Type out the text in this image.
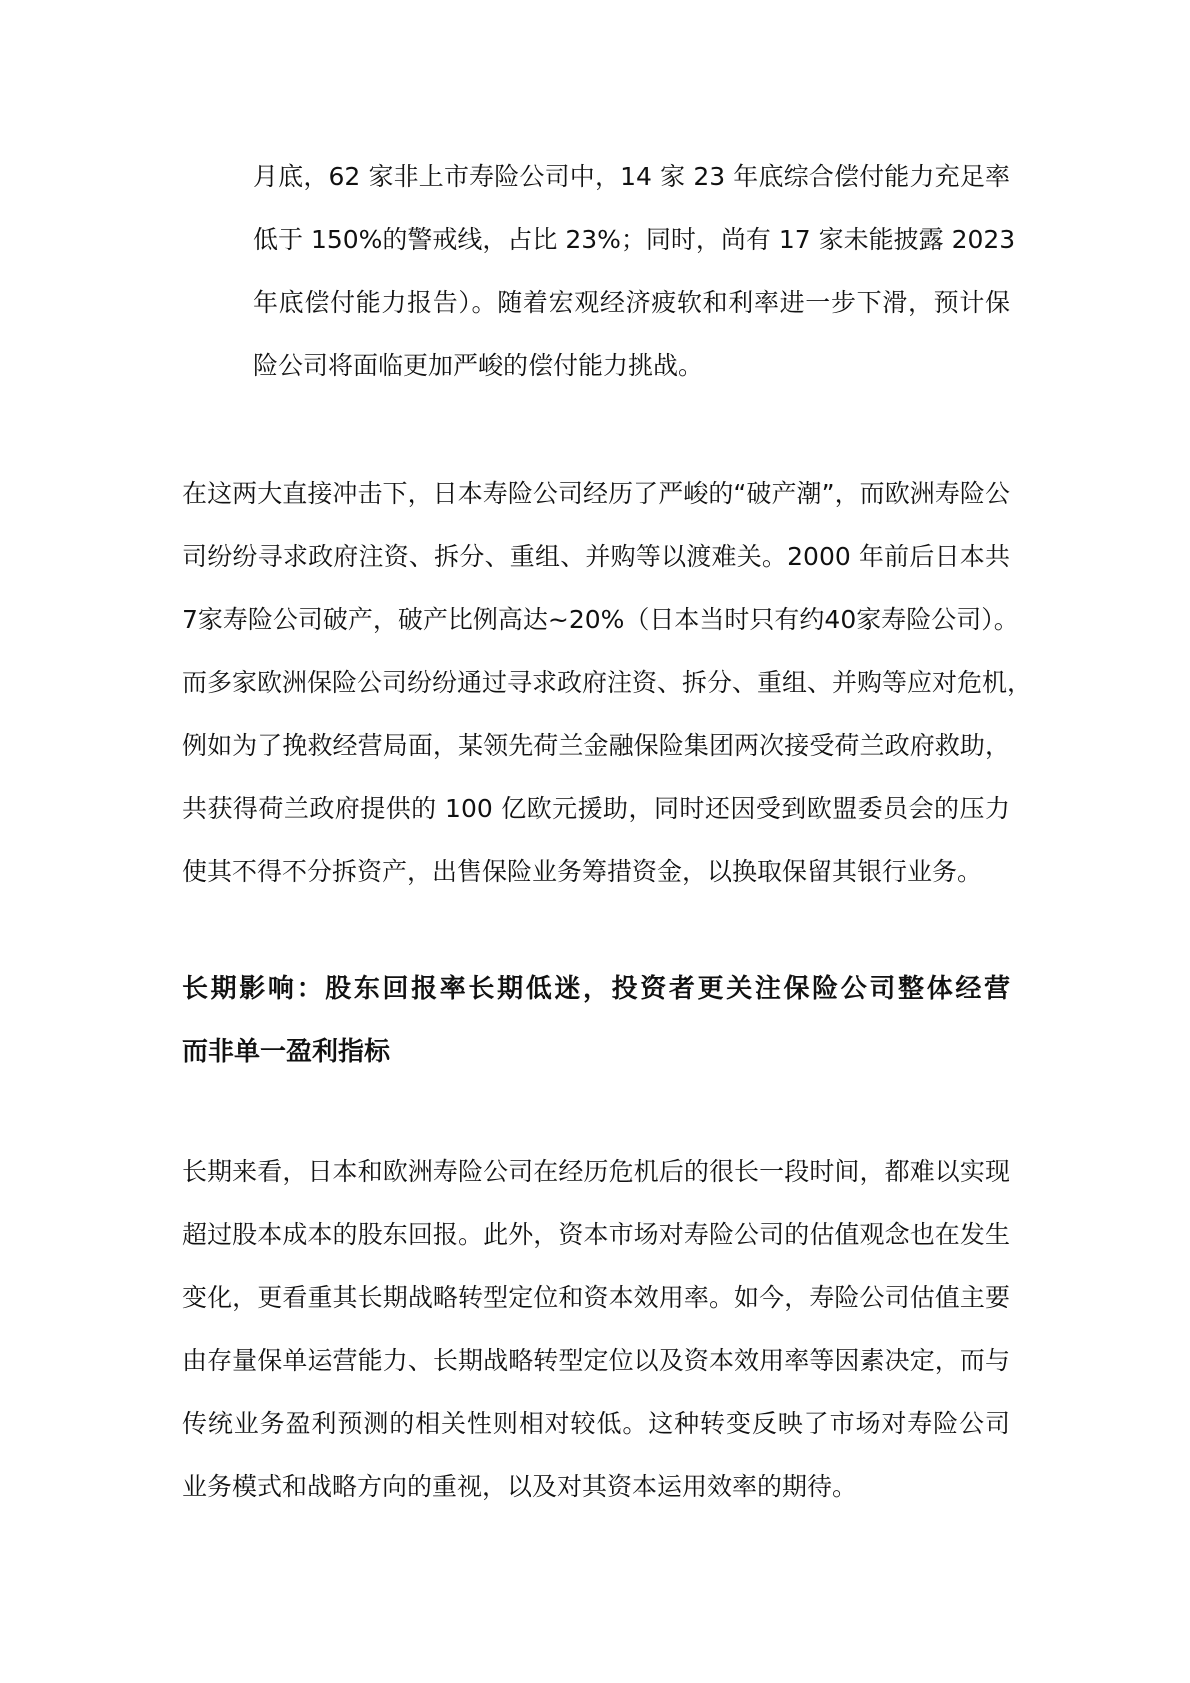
月底，62 家非上市寿险公司中，14 家 23 年底综合偿付能力充足率
低于 150%的警戒线，占比 23%；同时，尚有 17 家未能披露 2023
年底偿付能力报告）。随着宏观经济疲软和利率进一步下滑，预计保
险公司将面临更加严峻的偿付能力挑战。
在这两大直接冲击下，日本寿险公司经历了严峻的“破产潮”，而欧洲寿险公
司纷纷寻求政府注资、拆分、重组、并购等以渡难关。2000 年前后日本共
7家寿险公司破产，破产比例高达~20%（日本当时只有约40家寿险公司）。
而多家欧洲保险公司纷纷通过寻求政府注资、拆分、重组、并购等应对危机，
例如为了挽救经营局面，某领先荷兰金融保险集团两次接受荷兰政府救助，
共获得荷兰政府提供的 100 亿欧元援助，同时还因受到欧盟委员会的压力
使其不得不分拆资产，出售保险业务筹措资金，以换取保留其银行业务。
长期影响：股东回报率长期低迷，投资者更关注保险公司整体经营
而非单一盈利指标
长期来看，日本和欧洲寿险公司在经历危机后的很长一段时间，都难以实现
超过股本成本的股东回报。此外，资本市场对寿险公司的估值观念也在发生
变化，更看重其长期战略转型定位和资本效用率。如今，寿险公司估值主要
由存量保单运营能力、长期战略转型定位以及资本效用率等因素决定，而与
传统业务盈利预测的相关性则相对较低。这种转变反映了市场对寿险公司
业务模式和战略方向的重视，以及对其资本运用效率的期待。
